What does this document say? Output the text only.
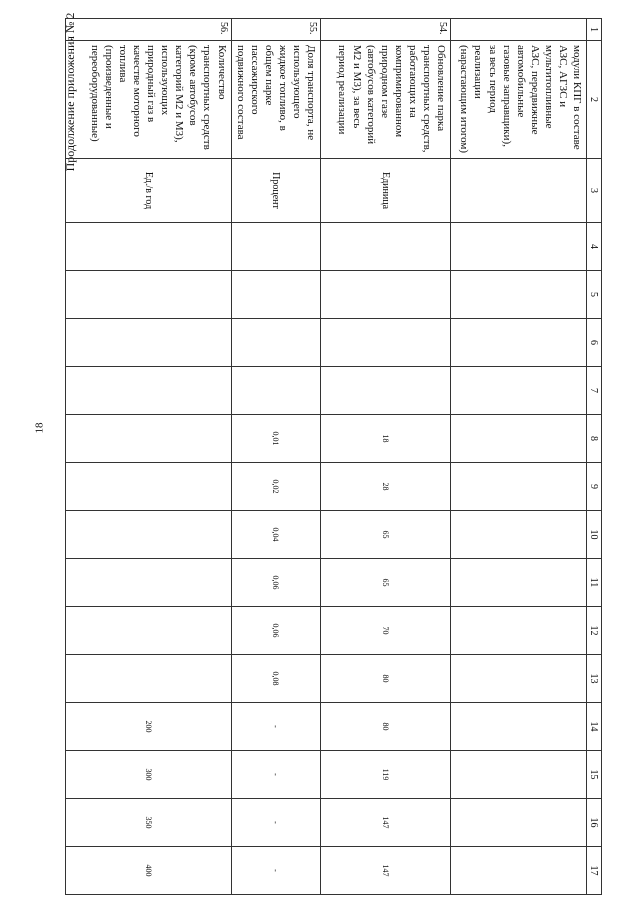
18
Продолжение приложения № 2	1	2	3	4	5	6	7	8	9	10	11	12	13	14	15	16	17
	модули КПГ в составе АЗС, АГЗС и мультитопливные АЗС, передвижные автомобильные газовые заправщики), за весь период реализации (нарастающим итогом)															
54.	Обновление парка транспортных средств, работающих на компримированном природном газе (автобусов категорий М2 и М3), за весь период реализации	Единица					18	28	65	65	70	80	80	119	147	147
55.	Доля транспорта, не использующего жидкое топливо, в общем парке пассажирского подвижного состава	Процент					0,01	0,02	0,04	0,06	0,06	0,08	-	-	-	-
56.	Количество транспортных средств (кроме автобусов категорий М2 и М3), использующих природный газ в качестве моторного топлива (произведенные и переоборудованные)	Ед./в год											200	300	350	400
